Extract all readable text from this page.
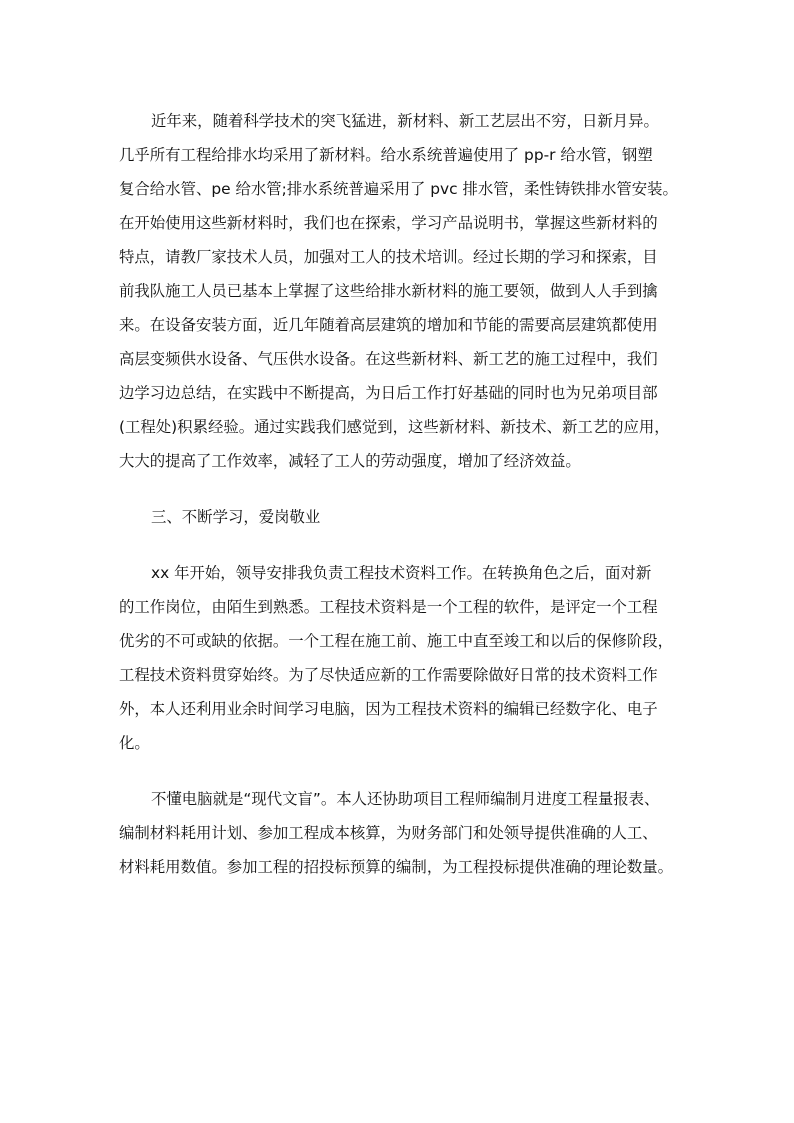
近年来，随着科学技术的突飞猛进，新材料、新工艺层出不穷，日新月异。

几乎所有工程给排水均采用了新材料。给水系统普遍使用了 pp-r 给水管，钢塑

复合给水管、pe 给水管;排水系统普遍采用了 pvc 排水管，柔性铸铁排水管安装。

在开始使用这些新材料时，我们也在探索，学习产品说明书，掌握这些新材料的

特点，请教厂家技术人员，加强对工人的技术培训。经过长期的学习和探索，目

前我队施工人员已基本上掌握了这些给排水新材料的施工要领，做到人人手到擒

来。在设备安装方面，近几年随着高层建筑的增加和节能的需要高层建筑都使用

高层变频供水设备、气压供水设备。在这些新材料、新工艺的施工过程中，我们

边学习边总结，在实践中不断提高，为日后工作打好基础的同时也为兄弟项目部

(工程处)积累经验。通过实践我们感觉到，这些新材料、新技术、新工艺的应用，

大大的提高了工作效率，减轻了工人的劳动强度，增加了经济效益。

三、不断学习，爱岗敬业

xx 年开始，领导安排我负责工程技术资料工作。在转换角色之后，面对新

的工作岗位，由陌生到熟悉。工程技术资料是一个工程的软件，是评定一个工程

优劣的不可或缺的依据。一个工程在施工前、施工中直至竣工和以后的保修阶段，

工程技术资料贯穿始终。为了尽快适应新的工作需要除做好日常的技术资料工作

外，本人还利用业余时间学习电脑，因为工程技术资料的编辑已经数字化、电子

化。

不懂电脑就是“现代文盲”。本人还协助项目工程师编制月进度工程量报表、

编制材料耗用计划、参加工程成本核算，为财务部门和处领导提供准确的人工、

材料耗用数值。参加工程的招投标预算的编制，为工程投标提供准确的理论数量。
